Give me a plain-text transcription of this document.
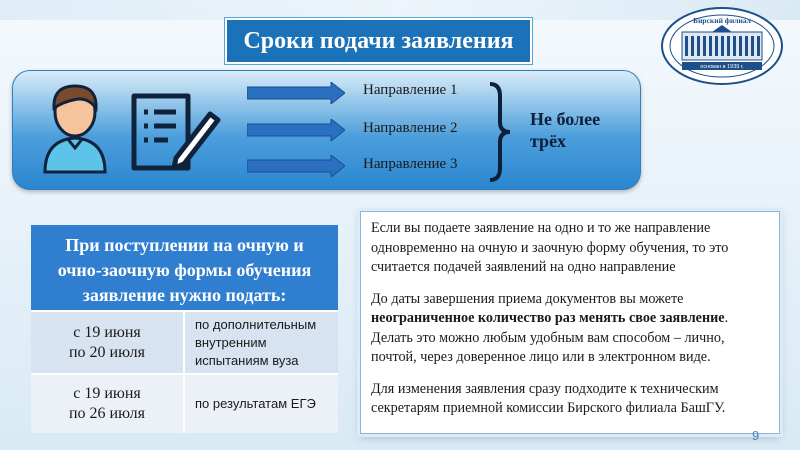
Сроки подачи заявления
Бирский филиал
основан в 1939 г.
Направление 1
Направление 2
Направление 3
Не более
трёх
При поступлении на очную и
очно-заочную формы обучения
заявление нужно подать:
с 19 июня
по 20 июля
по дополнительным
внутренним
испытаниям вуза
с 19 июня
по 26 июля
по результатам ЕГЭ

Если вы подаете заявление на одно и то же направление одновременно на очную и заочную форму обучения, то это считается подачей заявлений на одно направление

До даты завершения приема документов вы можете неограниченное количество раз менять свое заявление. Делать это можно любым удобным вам способом – лично, почтой, через доверенное лицо или в электронном виде.

Для изменения заявления сразу подходите к техническим секретарям приемной комиссии Бирского филиала БашГУ.

9
